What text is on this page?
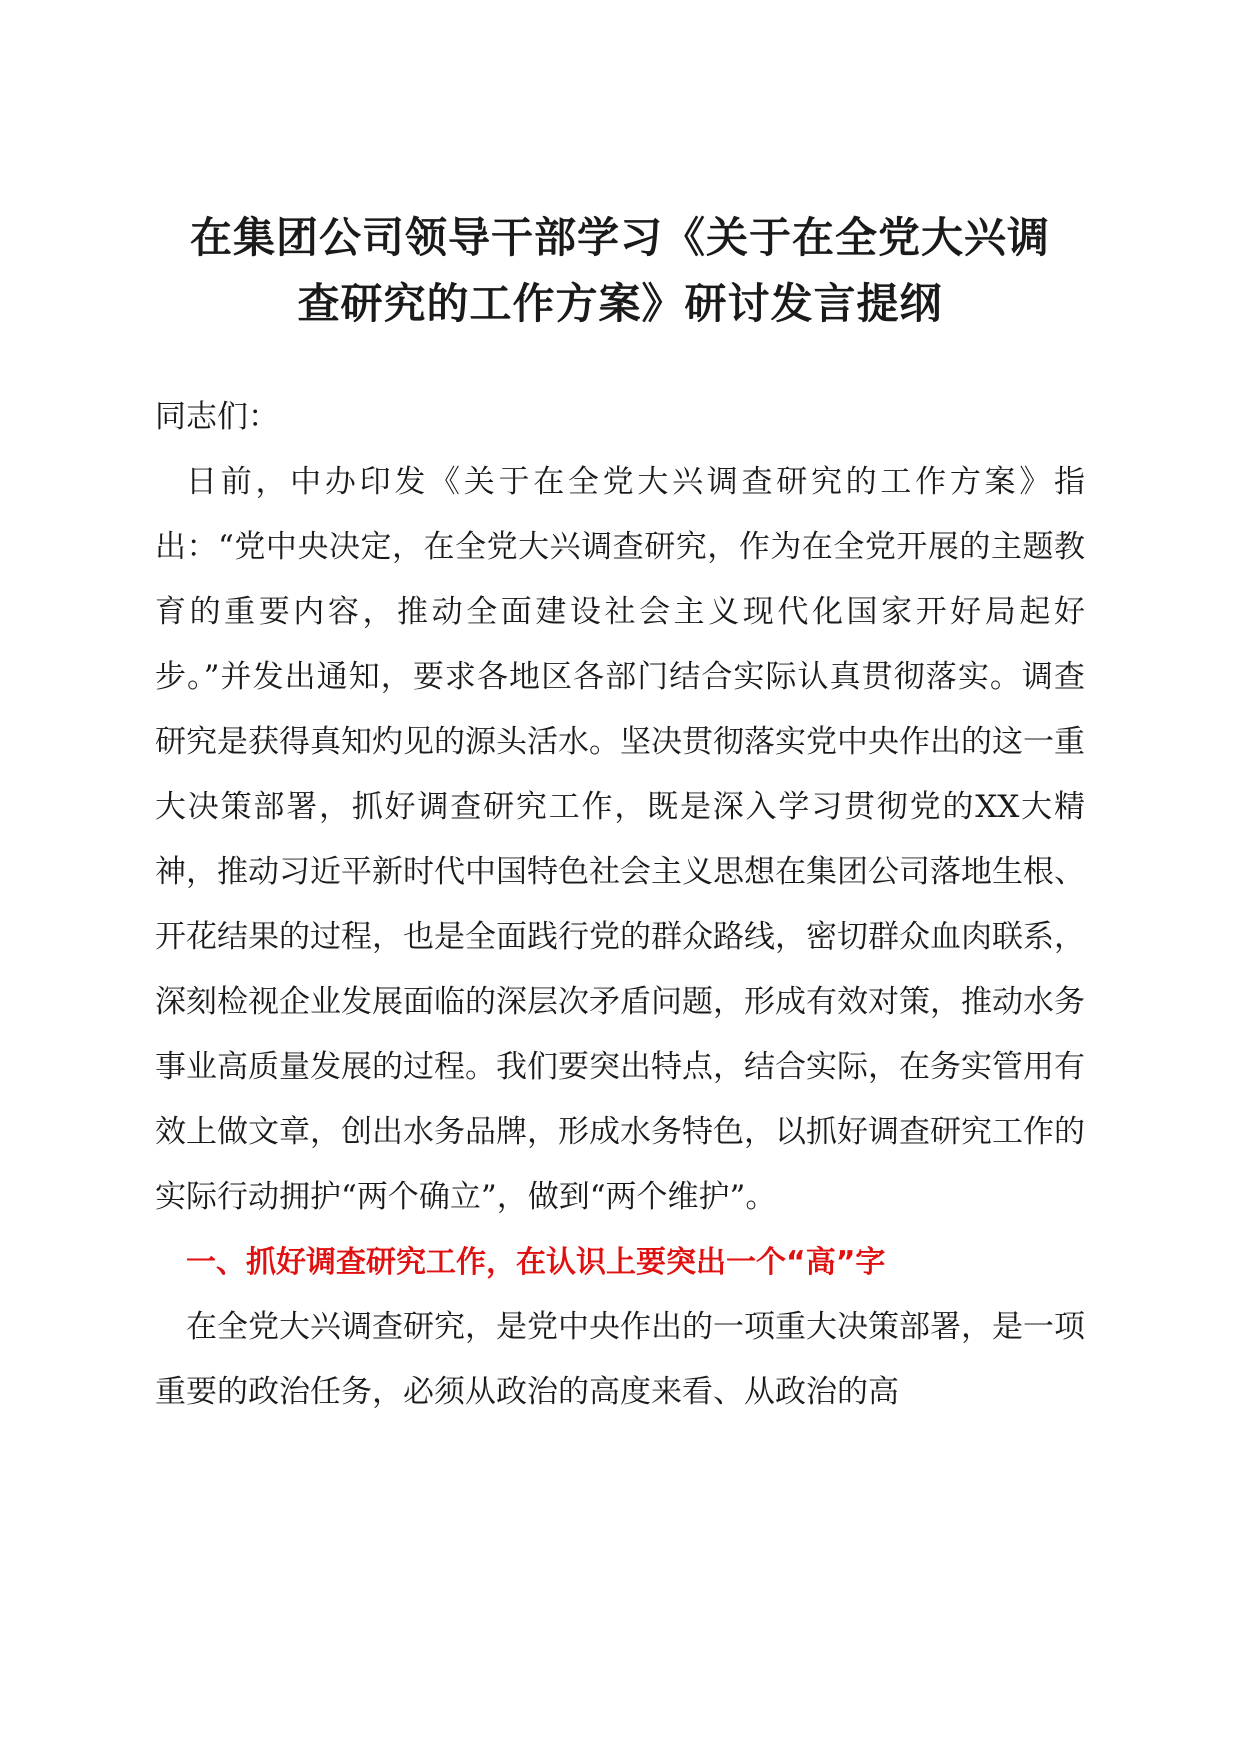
在集团公司领导干部学习《关于在全党大兴调
查研究的工作方案》研讨发言提纲

同志们：

日前，中办印发《关于在全党大兴调查研究的工作方案》指出：“党中央决定，在全党大兴调查研究，作为在全党开展的主题教育的重要内容，推动全面建设社会主义现代化国家开好局起好步。”并发出通知，要求各地区各部门结合实际认真贯彻落实。调查研究是获得真知灼见的源头活水。坚决贯彻落实党中央作出的这一重大决策部署，抓好调查研究工作，既是深入学习贯彻党的XX大精神，推动习近平新时代中国特色社会主义思想在集团公司落地生根、开花结果的过程，也是全面践行党的群众路线，密切群众血肉联系，深刻检视企业发展面临的深层次矛盾问题，形成有效对策，推动水务事业高质量发展的过程。我们要突出特点，结合实际，在务实管用有效上做文章，创出水务品牌，形成水务特色，以抓好调查研究工作的实际行动拥护“两个确立”，做到“两个维护”。

一、抓好调查研究工作，在认识上要突出一个“高”字

在全党大兴调查研究，是党中央作出的一项重大决策部署，是一项重要的政治任务，必须从政治的高度来看、从政治的高
